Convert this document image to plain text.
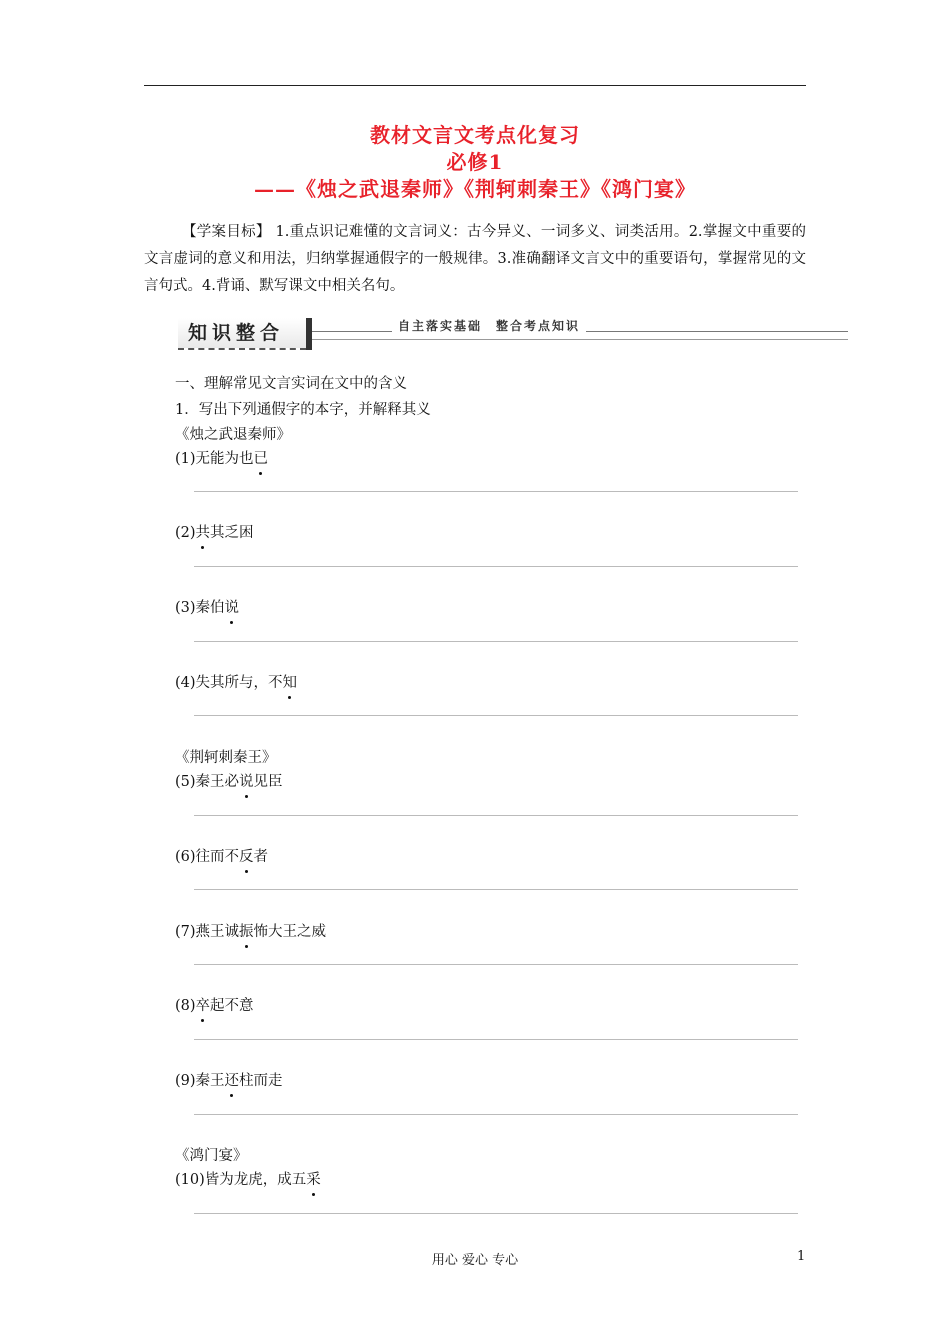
教材文言文考点化复习
必修1
——《烛之武退秦师》《荆轲刺秦王》《鸿门宴》
【学案目标】 1.重点识记难懂的文言词义：古今异义、一词多义、词类活用。2.掌握文中重要的文言虚词的意义和用法，归纳掌握通假字的一般规律。3.准确翻译文言文中的重要语句，掌握常见的文言句式。4.背诵、默写课文中相关名句。
知识整合	自主落实基础　整合考点知识
一、理解常见文言实词在文中的含义
1．写出下列通假字的本字，并解释其义
《烛之武退秦师》
(1)无能为也已
(2)共其乏困
(3)秦伯说
(4)失其所与，不知
《荆轲刺秦王》
(5)秦王必说见臣
(6)往而不反者
(7)燕王诚振怖大王之威
(8)卒起不意
(9)秦王还柱而走
《鸿门宴》
(10)皆为龙虎，成五采
用心 爱心 专心	1
